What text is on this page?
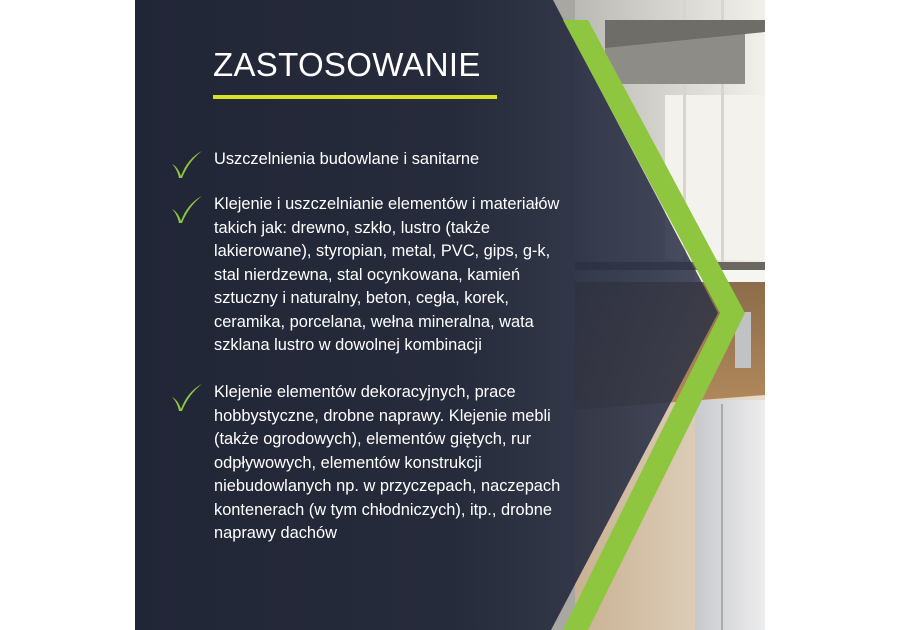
ZASTOSOWANIE

Uszczelnienia budowlane i sanitarne

Klejenie i uszczelnianie elementów i materiałów
takich jak: drewno, szkło, lustro (także
lakierowane), styropian, metal, PVC, gips, g-k,
stal nierdzewna, stal ocynkowana, kamień
sztuczny i naturalny, beton, cegła, korek,
ceramika, porcelana, wełna mineralna, wata
szklana lustro w dowolnej kombinacji

Klejenie elementów dekoracyjnych, prace
hobbystyczne, drobne naprawy. Klejenie mebli
(także ogrodowych), elementów giętych, rur
odpływowych, elementów konstrukcji
niebudowlanych np. w przyczepach, naczepach
kontenerach (w tym chłodniczych), itp., drobne
naprawy dachów
